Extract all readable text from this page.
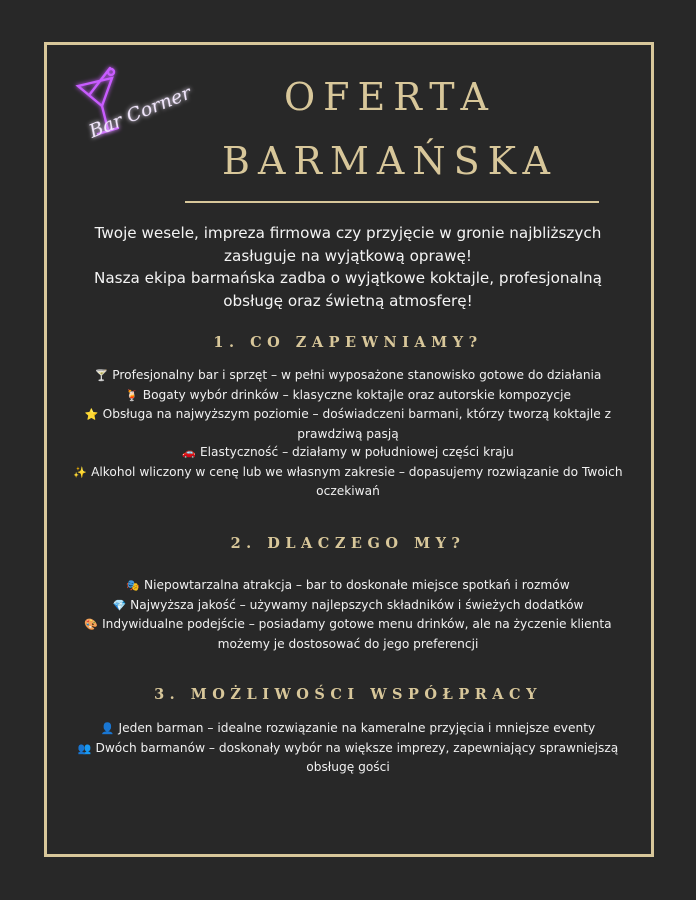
Bar Corner	OFERTA
BARMAŃSKA

Twoje wesele, impreza firmowa czy przyjęcie w gronie najbliższych

zasługuje na wyjątkową oprawę!

Nasza ekipa barmańska zadba o wyjątkowe koktajle, profesjonalną

obsługę oraz świetną atmosferę!

1. CO ZAPEWNIAMY?
🍸 Profesjonalny bar i sprzęt – w pełni wyposażone stanowisko gotowe do działania
🍹 Bogaty wybór drinków – klasyczne koktajle oraz autorskie kompozycje
⭐ Obsługa na najwyższym poziomie – doświadczeni barmani, którzy tworzą koktajle z prawdziwą pasją
🚗 Elastyczność – działamy w południowej części kraju
✨ Alkohol wliczony w cenę lub we własnym zakresie – dopasujemy rozwiązanie do Twoich oczekiwań
2. DLACZEGO MY?
🎭 Niepowtarzalna atrakcja – bar to doskonałe miejsce spotkań i rozmów
💎 Najwyższa jakość – używamy najlepszych składników i świeżych dodatków
🎨 Indywidualne podejście – posiadamy gotowe menu drinków, ale na życzenie klienta możemy je dostosować do jego preferencji
3. MOŻLIWOŚCI WSPÓŁPRACY
👤 Jeden barman – idealne rozwiązanie na kameralne przyjęcia i mniejsze eventy
👥 Dwóch barmanów – doskonały wybór na większe imprezy, zapewniający sprawniejszą obsługę gości
